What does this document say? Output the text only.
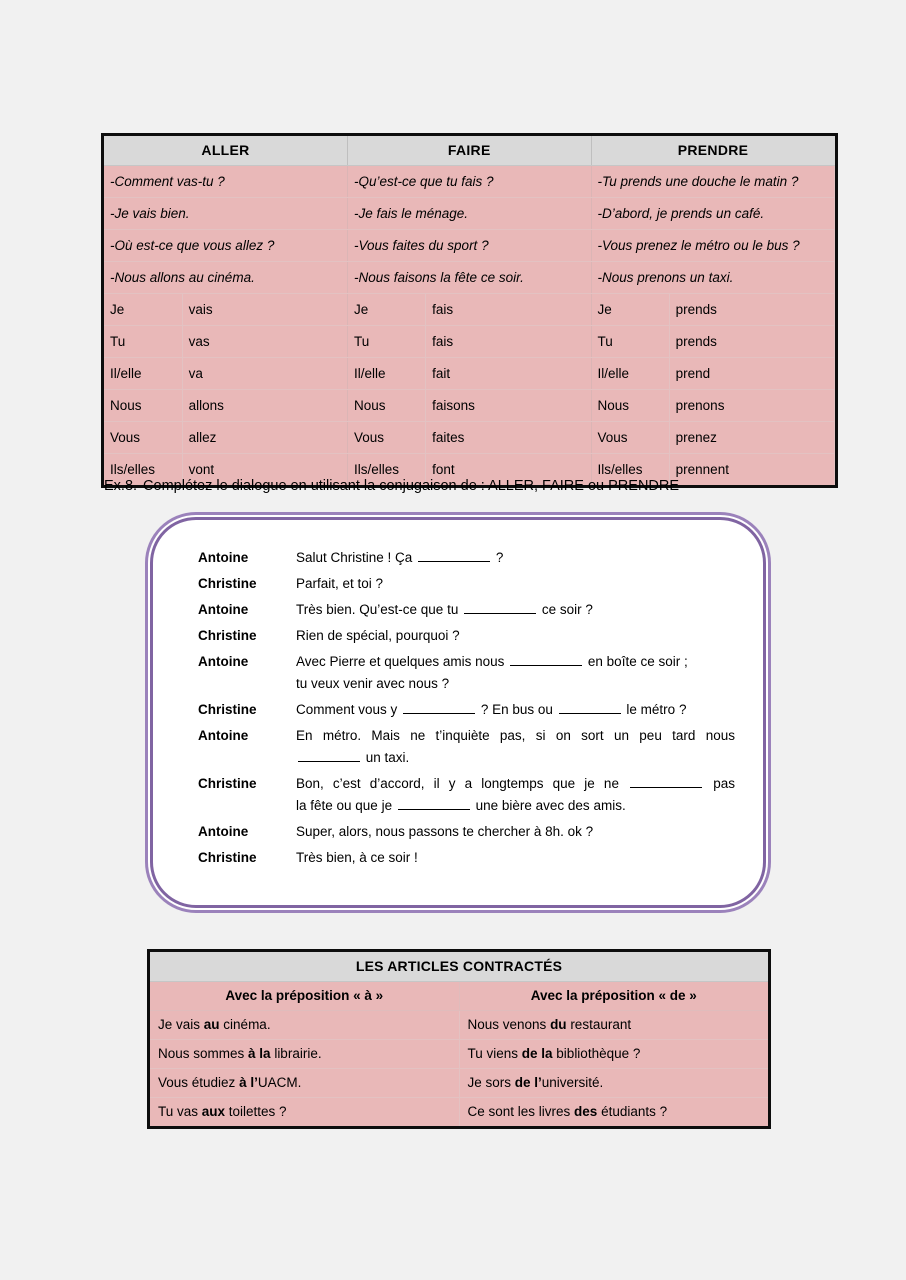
ALLER		FAIRE		PRENDRE	
-Comment vas-tu ?		-Qu’est-ce que tu fais ?		-Tu prends une douche le matin ?	
-Je vais bien.		-Je fais le ménage.		-D’abord, je prends un café.	
-Où est-ce que vous allez ?		-Vous faites du sport ?		-Vous prenez le métro ou le bus ?	
-Nous allons au cinéma.		-Nous faisons la fête ce soir.		-Nous prenons un taxi.	
Je	vais	Je	fais	Je	prends
Tu	vas	Tu	fais	Tu	prends
Il/elle	va	Il/elle	fait	Il/elle	prend
Nous	allons	Nous	faisons	Nous	prenons
Vous	allez	Vous	faites	Vous	prenez
Ils/elles	vont	Ils/elles	font	Ils/elles	prennent
Ex.8. Complétez le dialogue en utilisant la conjugaison de : ALLER, FAIRE ou PRENDRE
Antoine	Salut Christine ! Ça	?
Christine	Parfait, et toi ?
Antoine	Très bien. Qu’est-ce que tu	ce soir ?
Christine	Rien de spécial, pourquoi ?
Antoine	Avec Pierre et quelques amis nous	en boîte ce soir ;
tu veux venir avec nous ?
Christine	Comment vous y	? En bus ou	le métro ?
Antoine	En métro. Mais ne t’inquiète pas, si on sort un peu tard nous
un taxi.
Christine	Bon, c’est d’accord, il y a longtemps que je ne	pas
la fête ou que je	une bière avec des amis.
Antoine	Super, alors, nous passons te chercher à 8h. ok ?
Christine	Très bien, à ce soir !
LES ARTICLES CONTRACTÉS	
Avec la préposition « à »	Avec la préposition « de »
Je vais au cinéma.	Nous venons du restaurant
Nous sommes à la librairie.	Tu viens de la bibliothèque ?
Vous étudiez à l’UACM.	Je sors de l’université.
Tu vas aux toilettes ?	Ce sont les livres des étudiants ?
